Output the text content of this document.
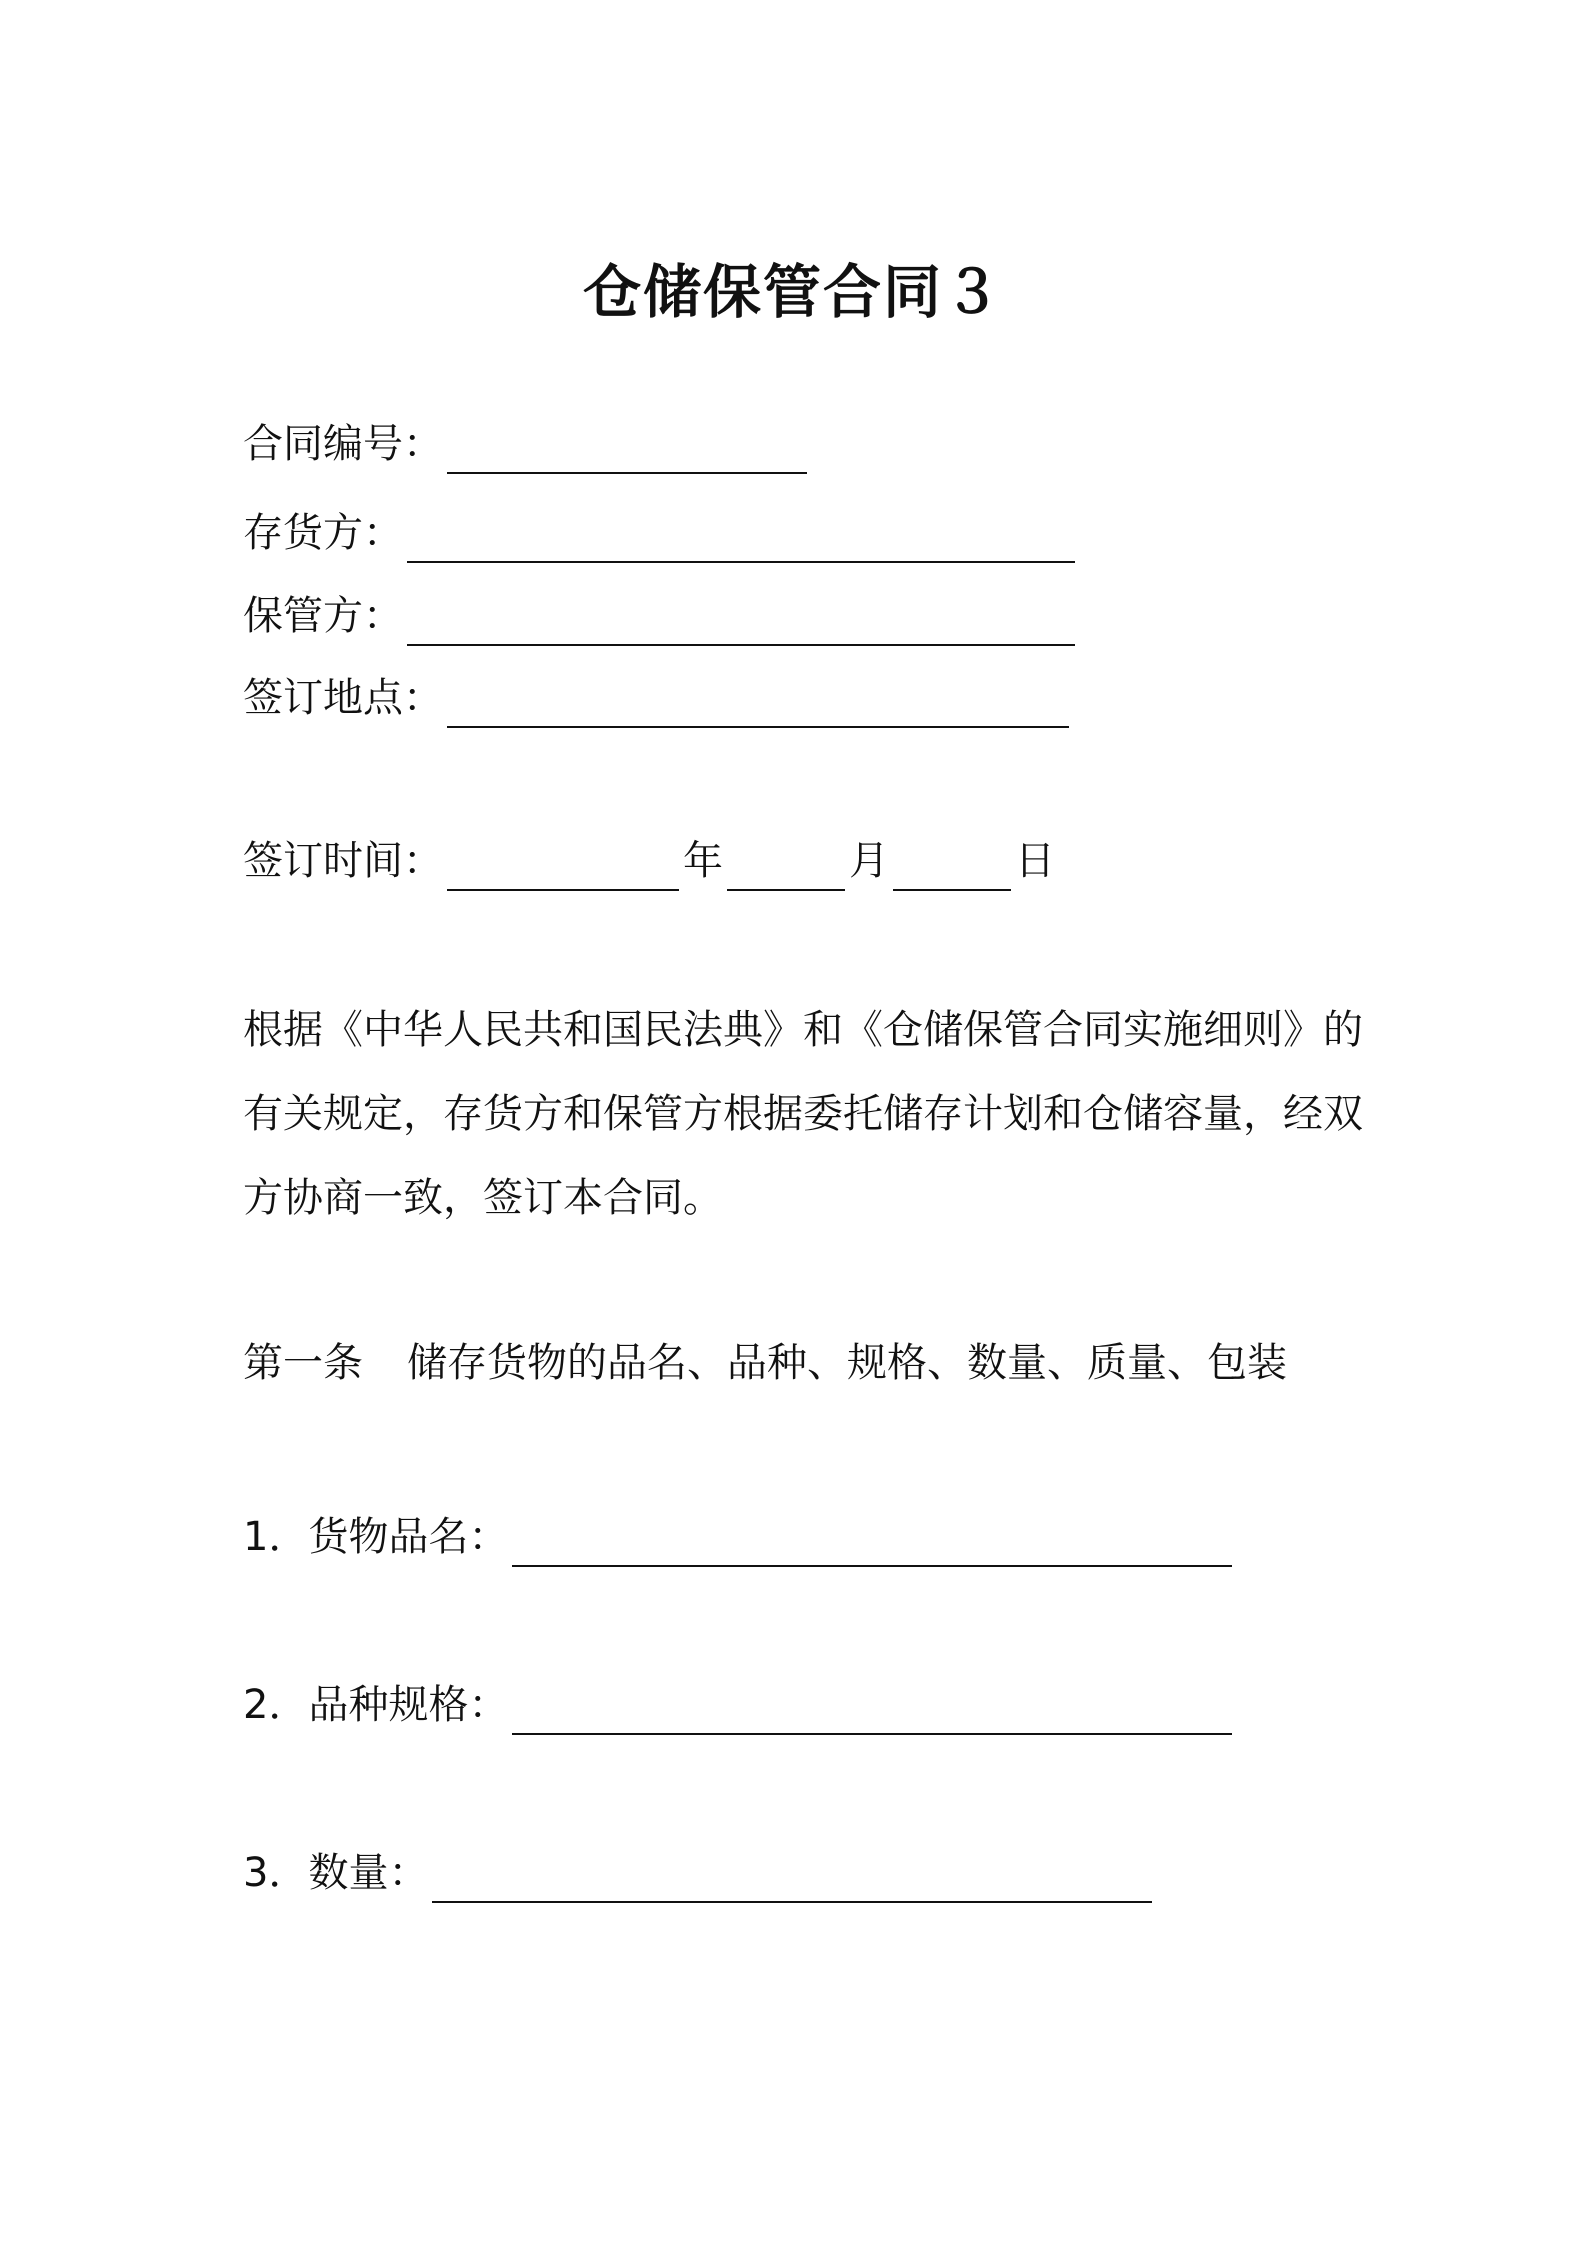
仓储保管合同３
合同编号：
存货方：
保管方：
签订地点：
签订时间：	年	月	日
根据《中华人民共和国民法典》和《仓储保管合同实施细则》的有关规定，存货方和保管方根据委托储存计划和仓储容量，经双方协商一致，签订本合同。
第一条 储存货物的品名、品种、规格、数量、质量、包装
1．货物品名：
2．品种规格：
3．数量：
